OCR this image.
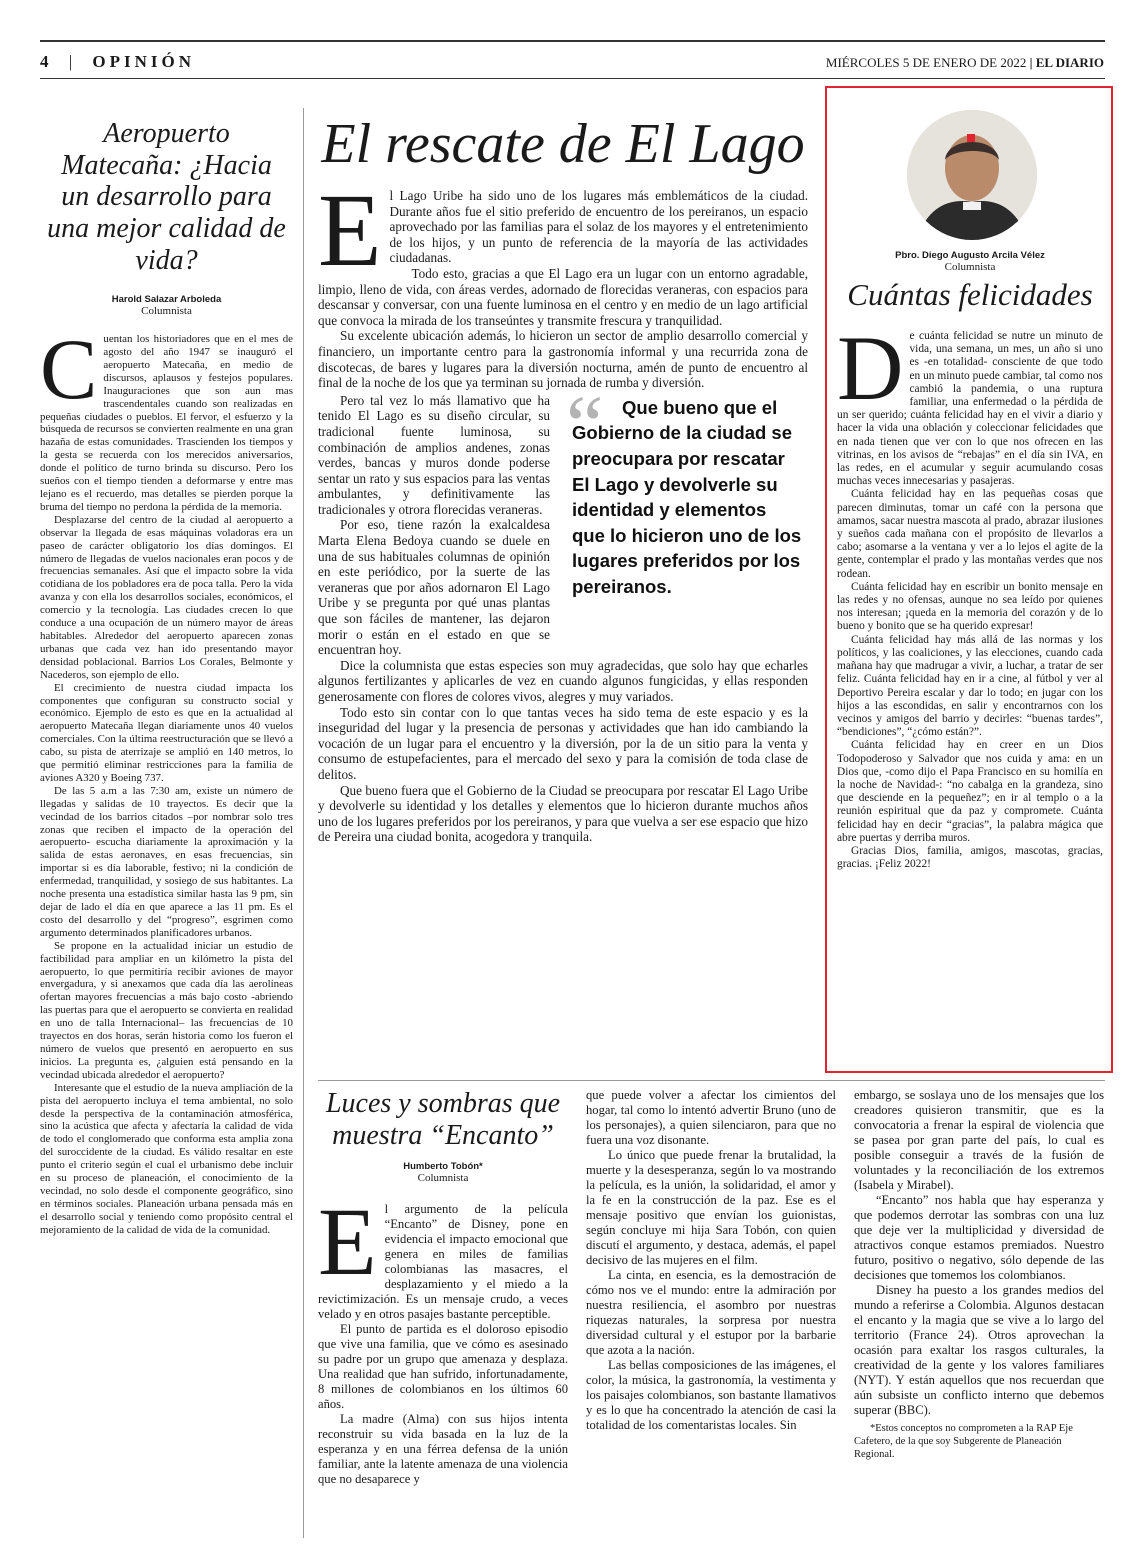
4 | OPINIÓN	MIÉRCOLES 5 DE ENERO DE 2022 | EL DIARIO
Aeropuerto Matecaña: ¿Hacia un desarrollo para una mejor calidad de vida?
Harold Salazar Arboleda
Columnista
C uentan los historiadores que en el mes de agosto del año 1947 se inauguró el aeropuerto Matecaña, en medio de discursos, aplausos y festejos populares. Inauguraciones que son aun mas trascendentales cuando son realizadas en pequeñas ciudades o pueblos. El fervor, el esfuerzo y la búsqueda de recursos se convierten realmente en una gran hazaña de estas comunidades. Trascienden los tiempos y la gesta se recuerda con los merecidos aniversarios, donde el político de turno brinda su discurso. Pero los sueños con el tiempo tienden a deformarse y entre mas lejano es el recuerdo, mas detalles se pierden porque la bruma del tiempo no perdona la pérdida de la memoria.

Desplazarse del centro de la ciudad al aeropuerto a observar la llegada de esas máquinas voladoras era un paseo de carácter obligatorio los días domingos. El número de llegadas de vuelos nacionales eran pocos y de frecuencias semanales. Así que el impacto sobre la vida cotidiana de los pobladores era de poca talla. Pero la vida avanza y con ella los desarrollos sociales, económicos, el comercio y la tecnología. Las ciudades crecen lo que conduce a una ocupación de un número mayor de áreas habitables. Alrededor del aeropuerto aparecen zonas urbanas que cada vez han ido presentando mayor densidad poblacional. Barrios Los Corales, Belmonte y Nacederos, son ejemplo de ello.

El crecimiento de nuestra ciudad impacta los componentes que configuran su constructo social y económico. Ejemplo de esto es que en la actualidad al aeropuerto Matecaña llegan diariamente unos 40 vuelos comerciales. Con la última reestructuración que se llevó a cabo, su pista de aterrizaje se amplió en 140 metros, lo que permitió eliminar restricciones para la familia de aviones A320 y Boeing 737.

De las 5 a.m a las 7:30 am, existe un número de llegadas y salidas de 10 trayectos. Es decir que la vecindad de los barrios citados –por nombrar solo tres zonas que reciben el impacto de la operación del aeropuerto- escucha diariamente la aproximación y la salida de estas aeronaves, en esas frecuencias, sin importar si es día laborable, festivo; ni la condición de enfermedad, tranquilidad, y sosiego de sus habitantes. La noche presenta una estadística similar hasta las 9 pm, sin dejar de lado el día en que aparece a las 11 pm. Es el costo del desarrollo y del “progreso”, esgrimen como argumento determinados planificadores urbanos.

Se propone en la actualidad iniciar un estudio de factibilidad para ampliar en un kilómetro la pista del aeropuerto, lo que permitiría recibir aviones de mayor envergadura, y si anexamos que cada día las aerolíneas ofertan mayores frecuencias a más bajo costo -abriendo las puertas para que el aeropuerto se convierta en realidad en uno de talla Internacional– las frecuencias de 10 trayectos en dos horas, serán historia como los fueron el número de vuelos que presentó en aeropuerto en sus inicios. La pregunta es, ¿alguien está pensando en la vecindad ubicada alrededor el aeropuerto?

Interesante que el estudio de la nueva ampliación de la pista del aeropuerto incluya el tema ambiental, no solo desde la perspectiva de la contaminación atmosférica, sino la acústica que afecta y afectaría la calidad de vida de todo el conglomerado que conforma esta amplia zona del suroccidente de la ciudad. Es válido resaltar en este punto el criterio según el cual el urbanismo debe incluir en su proceso de planeación, el conocimiento de la vecindad, no solo desde el componente geográfico, sino en términos sociales. Planeación urbana pensada más en el desarrollo social y teniendo como propósito central el mejoramiento de la calidad de vida de la comunidad.

El rescate de El Lago
E l Lago Uribe ha sido uno de los lugares más emblemáticos de la ciudad. Durante años fue el sitio preferido de encuentro de los pereiranos, un espacio aprovechado por las familias para el solaz de los mayores y el entretenimiento de los hijos, y un punto de referencia de la mayoría de las actividades ciudadanas.

Todo esto, gracias a que El Lago era un lugar con un entorno agradable, limpio, lleno de vida, con áreas verdes, adornado de florecidas veraneras, con espacios para descansar y conversar, con una fuente luminosa en el centro y en medio de un lago artificial que convoca la mirada de los transeúntes y transmite frescura y tranquilidad.

Su excelente ubicación además, lo hicieron un sector de amplio desarrollo comercial y financiero, un importante centro para la gastronomía informal y una recurrida zona de discotecas, de bares y lugares para la diversión nocturna, amén de punto de encuentro al final de la noche de los que ya terminan su jornada de rumba y diversión.

Pero tal vez lo más llamativo que ha tenido El Lago es su diseño circular, su tradicional fuente luminosa, su combinación de amplios andenes, zonas verdes, bancas y muros donde poderse sentar un rato y sus espacios para las ventas ambulantes, y definitivamente las tradicionales y otrora florecidas veraneras.

Por eso, tiene razón la exalcaldesa Marta Elena Bedoya cuando se duele en una de sus habituales columnas de opinión en este periódico, por la suerte de las veraneras que por años adornaron El Lago Uribe y se pregunta por qué unas plantas que son fáciles de mantener, las dejaron morir o están en el estado en que se encuentran hoy.

“	Que bueno que el Gobierno de la ciudad se preocupara por rescatar El Lago y devolverle su identidad y elementos que lo hicieron uno de los lugares preferidos por los pereiranos.

Dice la columnista que estas especies son muy agradecidas, que solo hay que echarles algunos fertilizantes y aplicarles de vez en cuando algunos fungicidas, y ellas responden generosamente con flores de colores vivos, alegres y muy variados.

Todo esto sin contar con lo que tantas veces ha sido tema de este espacio y es la inseguridad del lugar y la presencia de personas y actividades que han ido cambiando la vocación de un lugar para el encuentro y la diversión, por la de un sitio para la venta y consumo de estupefacientes, para el mercado del sexo y para la comisión de toda clase de delitos.

Que bueno fuera que el Gobierno de la Ciudad se preocupara por rescatar El Lago Uribe y devolverle su identidad y los detalles y elementos que lo hicieron durante muchos años uno de los lugares preferidos por los pereiranos, y para que vuelva a ser ese espacio que hizo de Pereira una ciudad bonita, acogedora y tranquila.

Pbro. Diego Augusto Arcila Vélez
Columnista
Cuántas felicidades
D e cuánta felicidad se nutre un minuto de vida, una semana, un mes, un año si uno es -en totalidad- consciente de que todo en un minuto puede cambiar, tal como nos cambió la pandemia, o una ruptura familiar, una enfermedad o la pérdida de un ser querido; cuánta felicidad hay en el vivir a diario y hacer la vida una oblación y coleccionar felicidades que en nada tienen que ver con lo que nos ofrecen en las vitrinas, en los avisos de “rebajas” en el día sin IVA, en las redes, en el acumular y seguir acumulando cosas muchas veces innecesarias y pasajeras.

Cuánta felicidad hay en las pequeñas cosas que parecen diminutas, tomar un café con la persona que amamos, sacar nuestra mascota al prado, abrazar ilusiones y sueños cada mañana con el propósito de llevarlos a cabo; asomarse a la ventana y ver a lo lejos el agite de la gente, contemplar el prado y las montañas verdes que nos rodean.

Cuánta felicidad hay en escribir un bonito mensaje en las redes y no ofensas, aunque no sea leído por quienes nos interesan; ¡queda en la memoria del corazón y de lo bueno y bonito que se ha querido expresar!

Cuánta felicidad hay más allá de las normas y los políticos, y las coaliciones, y las elecciones, cuando cada mañana hay que madrugar a vivir, a luchar, a tratar de ser feliz. Cuánta felicidad hay en ir a cine, al fútbol y ver al Deportivo Pereira escalar y dar lo todo; en jugar con los hijos a las escondidas, en salir y encontrarnos con los vecinos y amigos del barrio y decirles: “buenas tardes”, “bendiciones”, “¿cómo están?”.

Cuánta felicidad hay en creer en un Dios Todopoderoso y Salvador que nos cuida y ama: en un Dios que, -como dijo el Papa Francisco en su homilía en la noche de Navidad-: “no cabalga en la grandeza, sino que desciende en la pequeñez”; en ir al templo o a la reunión espiritual que da paz y compromete. Cuánta felicidad hay en decir “gracias”, la palabra mágica que abre puertas y derriba muros.

Gracias Dios, familia, amigos, mascotas, gracias, gracias. ¡Feliz 2022!

Luces y sombras que muestra “Encanto”
Humberto Tobón*
Columnista
E l argumento de la película “Encanto” de Disney, pone en evidencia el impacto emocional que genera en miles de familias colombianas las masacres, el desplazamiento y el miedo a la revictimización. Es un mensaje crudo, a veces velado y en otros pasajes bastante perceptible.

El punto de partida es el doloroso episodio que vive una familia, que ve cómo es asesinado su padre por un grupo que amenaza y desplaza. Una realidad que han sufrido, infortunadamente, 8 millones de colombianos en los últimos 60 años.

La madre (Alma) con sus hijos intenta reconstruir su vida basada en la luz de la esperanza y en una férrea defensa de la unión familiar, ante la latente amenaza de una violencia que no desaparece y

que puede volver a afectar los cimientos del hogar, tal como lo intentó advertir Bruno (uno de los personajes), a quien silenciaron, para que no fuera una voz disonante.

Lo único que puede frenar la brutalidad, la muerte y la desesperanza, según lo va mostrando la película, es la unión, la solidaridad, el amor y la fe en la construcción de la paz. Ese es el mensaje positivo que envían los guionistas, según concluye mi hija Sara Tobón, con quien discutí el argumento, y destaca, además, el papel decisivo de las mujeres en el film.

La cinta, en esencia, es la demostración de cómo nos ve el mundo: entre la admiración por nuestra resiliencia, el asombro por nuestras riquezas naturales, la sorpresa por nuestra diversidad cultural y el estupor por la barbarie que azota a la nación.

Las bellas composiciones de las imágenes, el color, la música, la gastronomía, la vestimenta y los paisajes colombianos, son bastante llamativos y es lo que ha concentrado la atención de casi la totalidad de los comentaristas locales. Sin

embargo, se soslaya uno de los mensajes que los creadores quisieron transmitir, que es la convocatoria a frenar la espiral de violencia que se pasea por gran parte del país, lo cual es posible conseguir a través de la fusión de voluntades y la reconciliación de los extremos (Isabela y Mirabel).

“Encanto” nos habla que hay esperanza y que podemos derrotar las sombras con una luz que deje ver la multiplicidad y diversidad de atractivos conque estamos premiados. Nuestro futuro, positivo o negativo, sólo depende de las decisiones que tomemos los colombianos.

Disney ha puesto a los grandes medios del mundo a referirse a Colombia. Algunos destacan el encanto y la magia que se vive a lo largo del territorio (France 24). Otros aprovechan la ocasión para exaltar los rasgos culturales, la creatividad de la gente y los valores familiares (NYT). Y están aquellos que nos recuerdan que aún subsiste un conflicto interno que debemos superar (BBC).

*Estos conceptos no comprometen a la RAP Eje Cafetero, de la que soy Subgerente de Planeación Regional.
